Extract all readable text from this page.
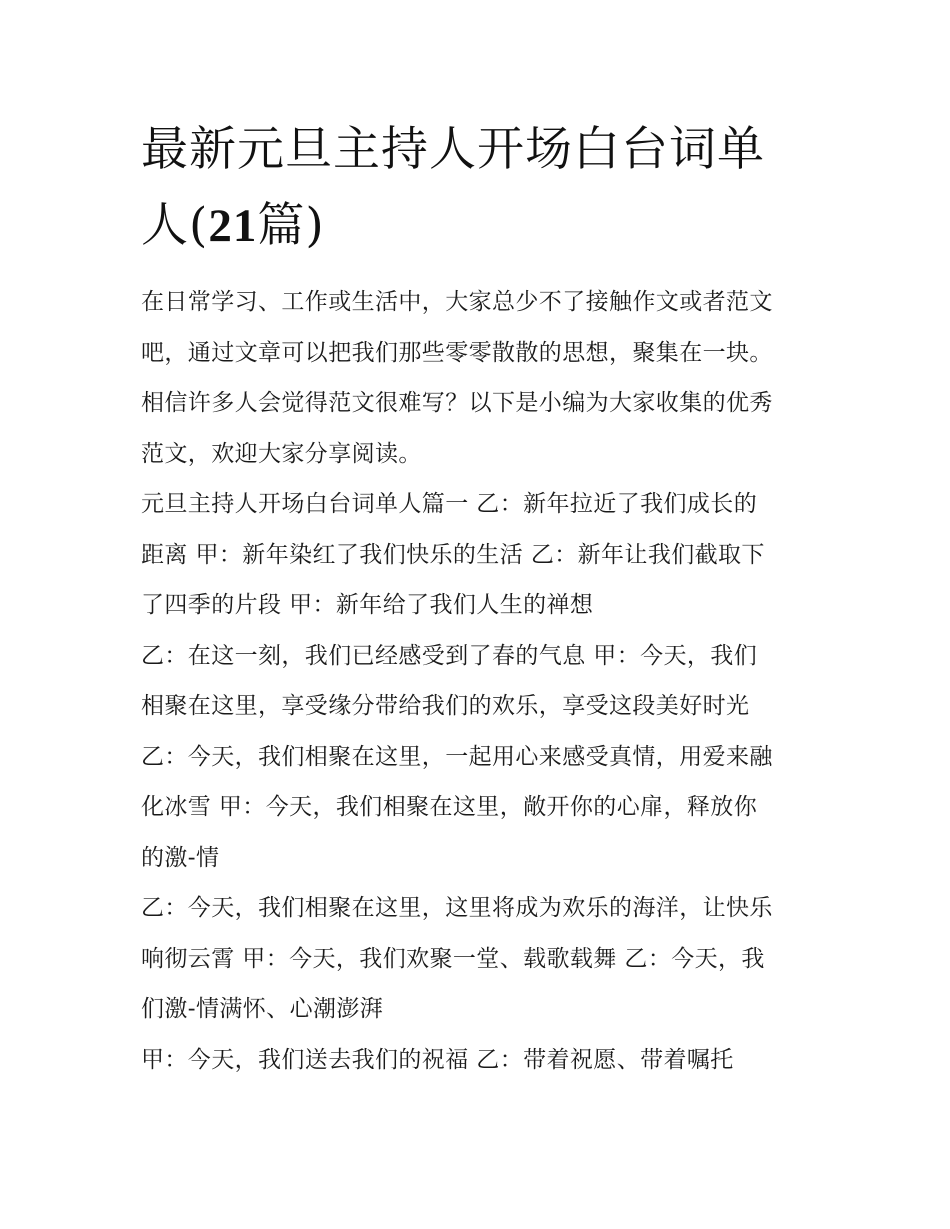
最新元旦主持人开场白台词单
人(21篇)
在日常学习、工作或生活中，大家总少不了接触作文或者范文
吧，通过文章可以把我们那些零零散散的思想，聚集在一块。
相信许多人会觉得范文很难写？以下是小编为大家收集的优秀
范文，欢迎大家分享阅读。
元旦主持人开场白台词单人篇一 乙：新年拉近了我们成长的
距离 甲：新年染红了我们快乐的生活 乙：新年让我们截取下
了四季的片段 甲：新年给了我们人生的禅想
乙：在这一刻，我们已经感受到了春的气息 甲：今天，我们
相聚在这里，享受缘分带给我们的欢乐，享受这段美好时光
乙：今天，我们相聚在这里，一起用心来感受真情，用爱来融
化冰雪 甲：今天，我们相聚在这里，敞开你的心扉，释放你
的激-情
乙：今天，我们相聚在这里，这里将成为欢乐的海洋，让快乐
响彻云霄 甲：今天，我们欢聚一堂、载歌载舞 乙：今天，我
们激-情满怀、心潮澎湃
甲：今天，我们送去我们的祝福 乙：带着祝愿、带着嘱托
